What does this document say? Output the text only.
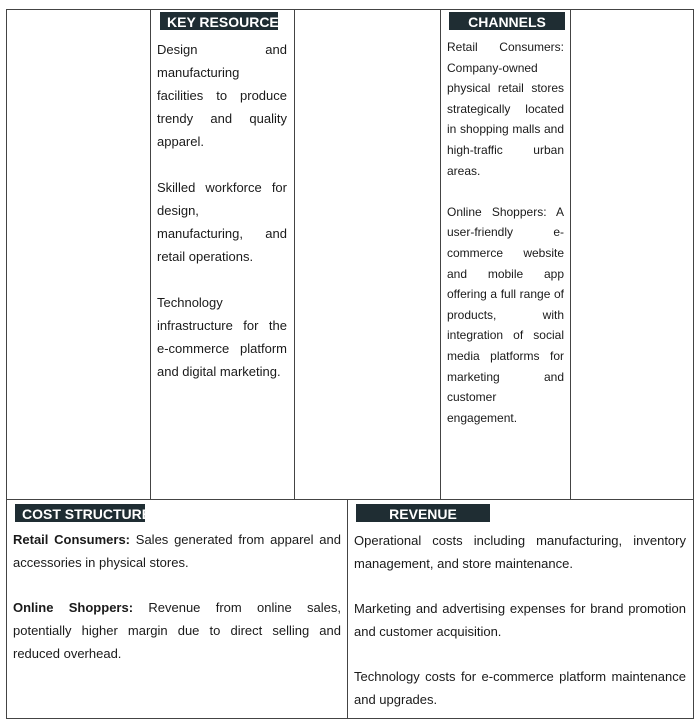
KEY RESOURCES

Design and manufacturing facilities to produce trendy and quality apparel.

Skilled workforce for design, manufacturing, and retail operations.

Technology infrastructure for the e-commerce platform and digital marketing.

CHANNELS

Retail Consumers: Company-owned physical retail stores strategically located in shopping malls and high-traffic urban areas.

Online Shoppers: A user-friendly e-commerce website and mobile app offering a full range of products, with integration of social media platforms for marketing and customer engagement.

COST STRUCTURE

Retail Consumers: Sales generated from apparel and accessories in physical stores.

Online Shoppers: Revenue from online sales, potentially higher margin due to direct selling and reduced overhead.

REVENUE

Operational costs including manufacturing, inventory management, and store maintenance.

Marketing and advertising expenses for brand promotion and customer acquisition.

Technology costs for e-commerce platform maintenance and upgrades.
